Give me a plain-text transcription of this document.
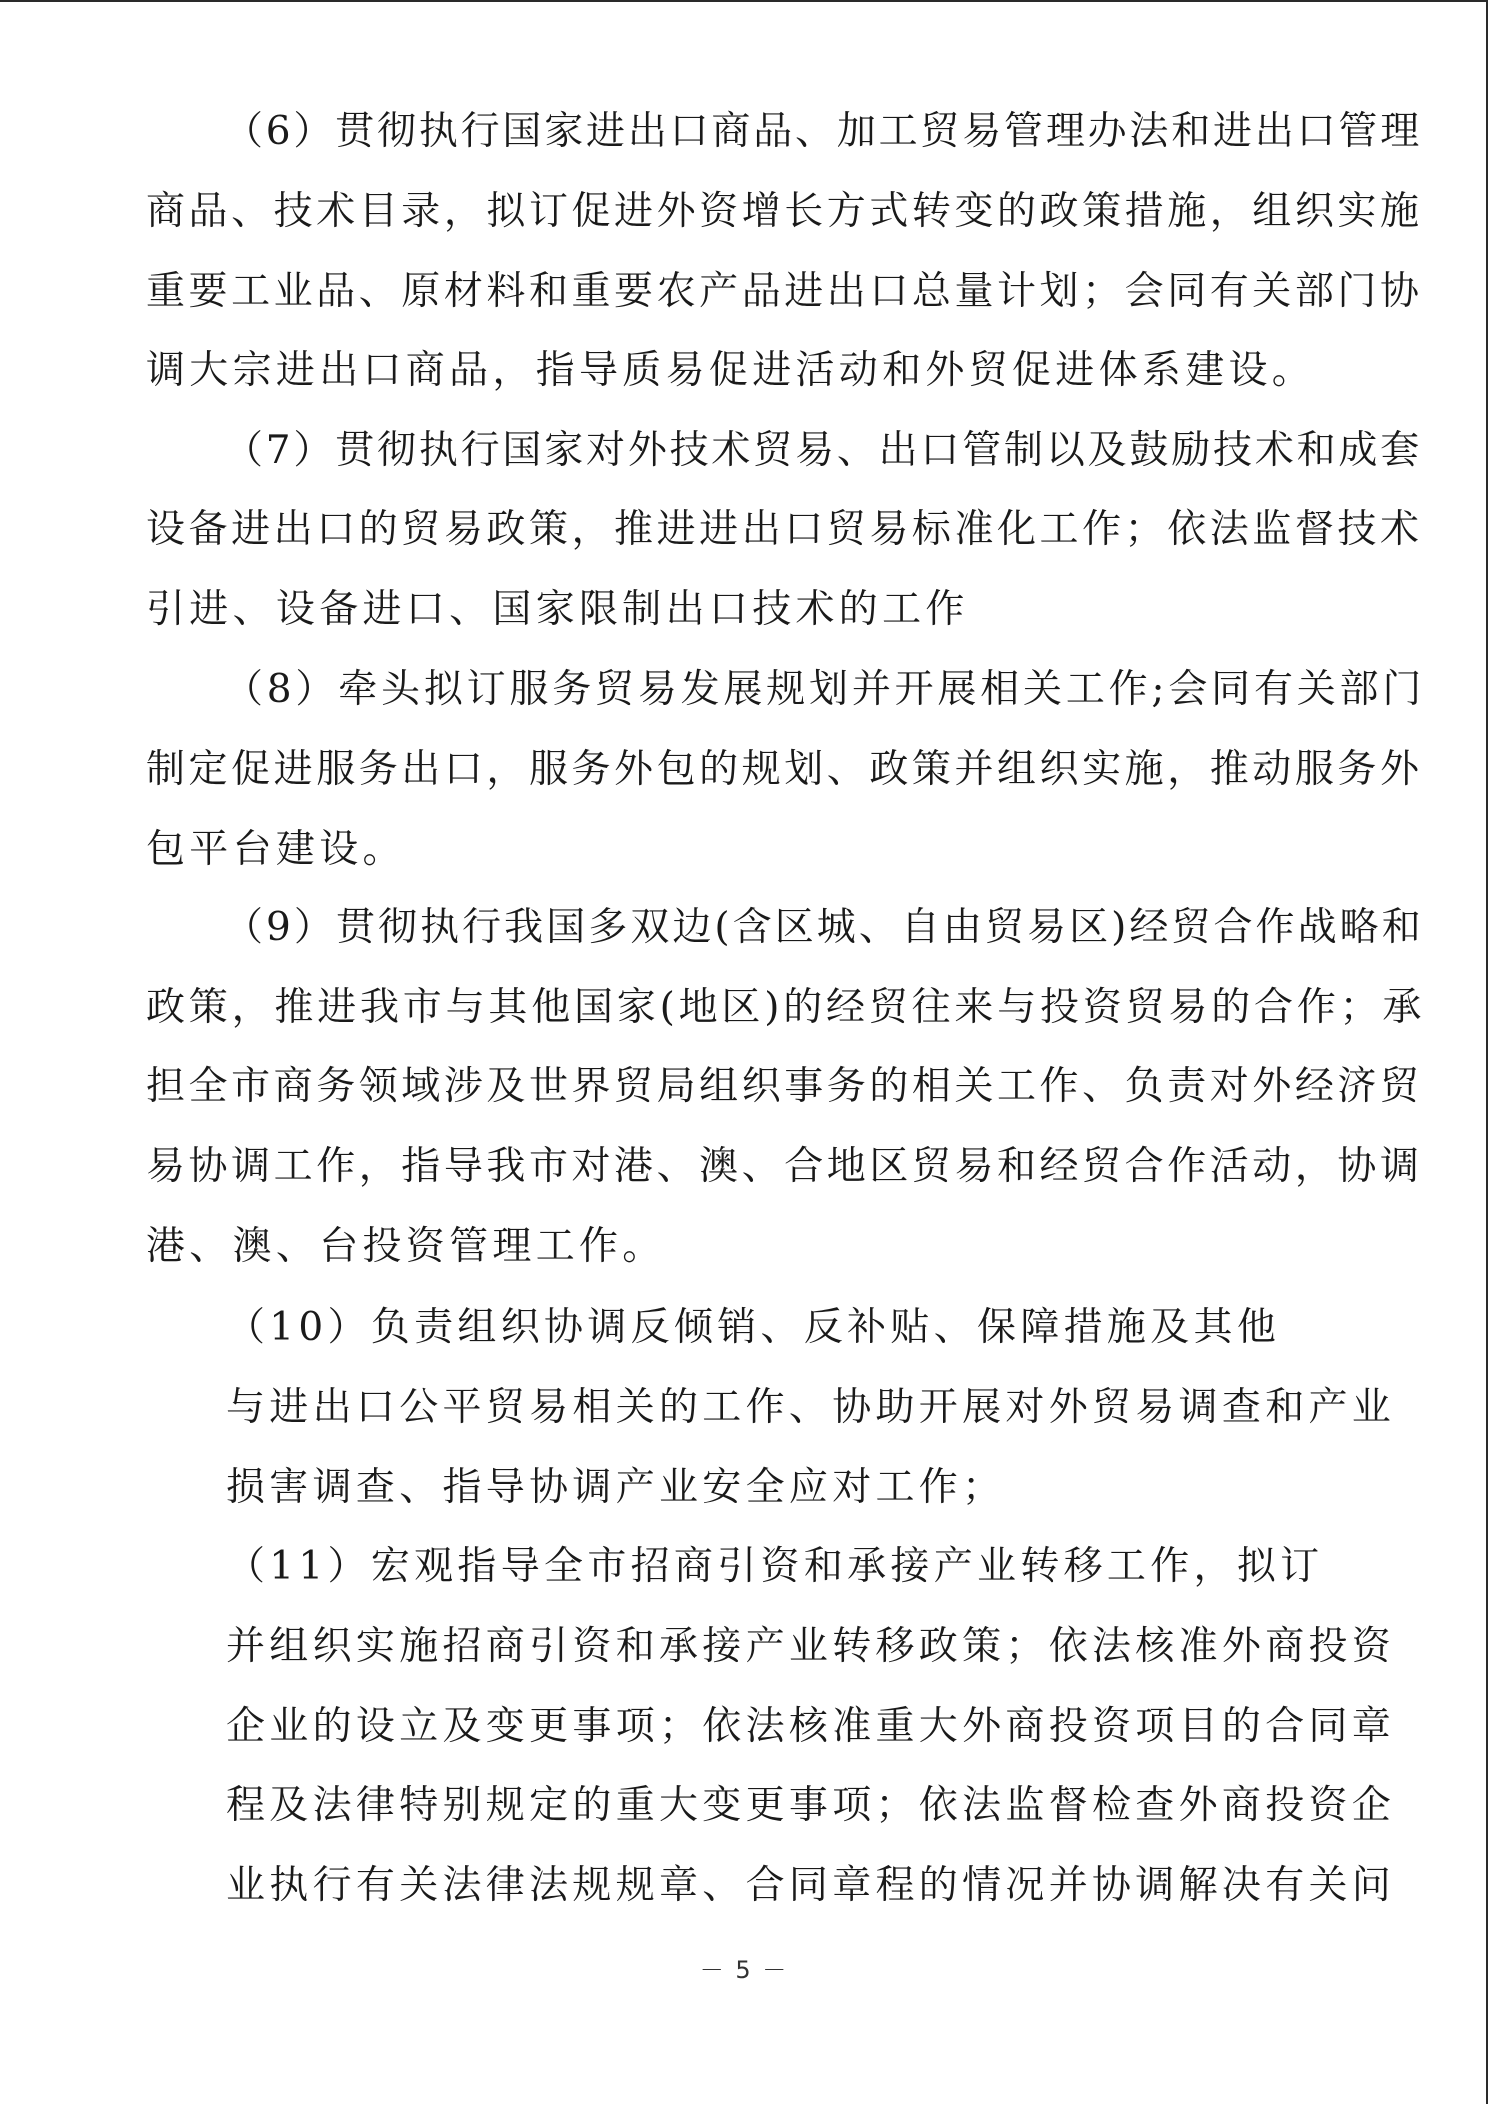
（6）贯彻执行国家进出口商品、加工贸易管理办法和进出口管理
商品、技术目录，拟订促进外资增长方式转变的政策措施，组织实施
重要工业品、原材料和重要农产品进出口总量计划；会同有关部门协
调大宗进出口商品，指导质易促进活动和外贸促进体系建设。
（7）贯彻执行国家对外技术贸易、出口管制以及鼓励技术和成套
设备进出口的贸易政策，推进进出口贸易标准化工作；依法监督技术
引进、设备进口、国家限制出口技术的工作
（8）牵头拟订服务贸易发展规划并开展相关工作;会同有关部门
制定促进服务出口，服务外包的规划、政策并组织实施，推动服务外
包平台建设。
（9）贯彻执行我国多双边(含区城、自由贸易区)经贸合作战略和
政策，推进我市与其他国家(地区)的经贸往来与投资贸易的合作；承
担全市商务领域涉及世界贸局组织事务的相关工作、负责对外经济贸
易协调工作，指导我市对港、澳、合地区贸易和经贸合作活动，协调
港、澳、台投资管理工作。
（10）负责组织协调反倾销、反补贴、保障措施及其他
与进出口公平贸易相关的工作、协助开展对外贸易调查和产业
损害调查、指导协调产业安全应对工作；
（11）宏观指导全市招商引资和承接产业转移工作，拟订
并组织实施招商引资和承接产业转移政策；依法核准外商投资
企业的设立及变更事项；依法核准重大外商投资项目的合同章
程及法律特别规定的重大变更事项；依法监督检查外商投资企
业执行有关法律法规规章、合同章程的情况并协调解决有关问
－ 5 －
